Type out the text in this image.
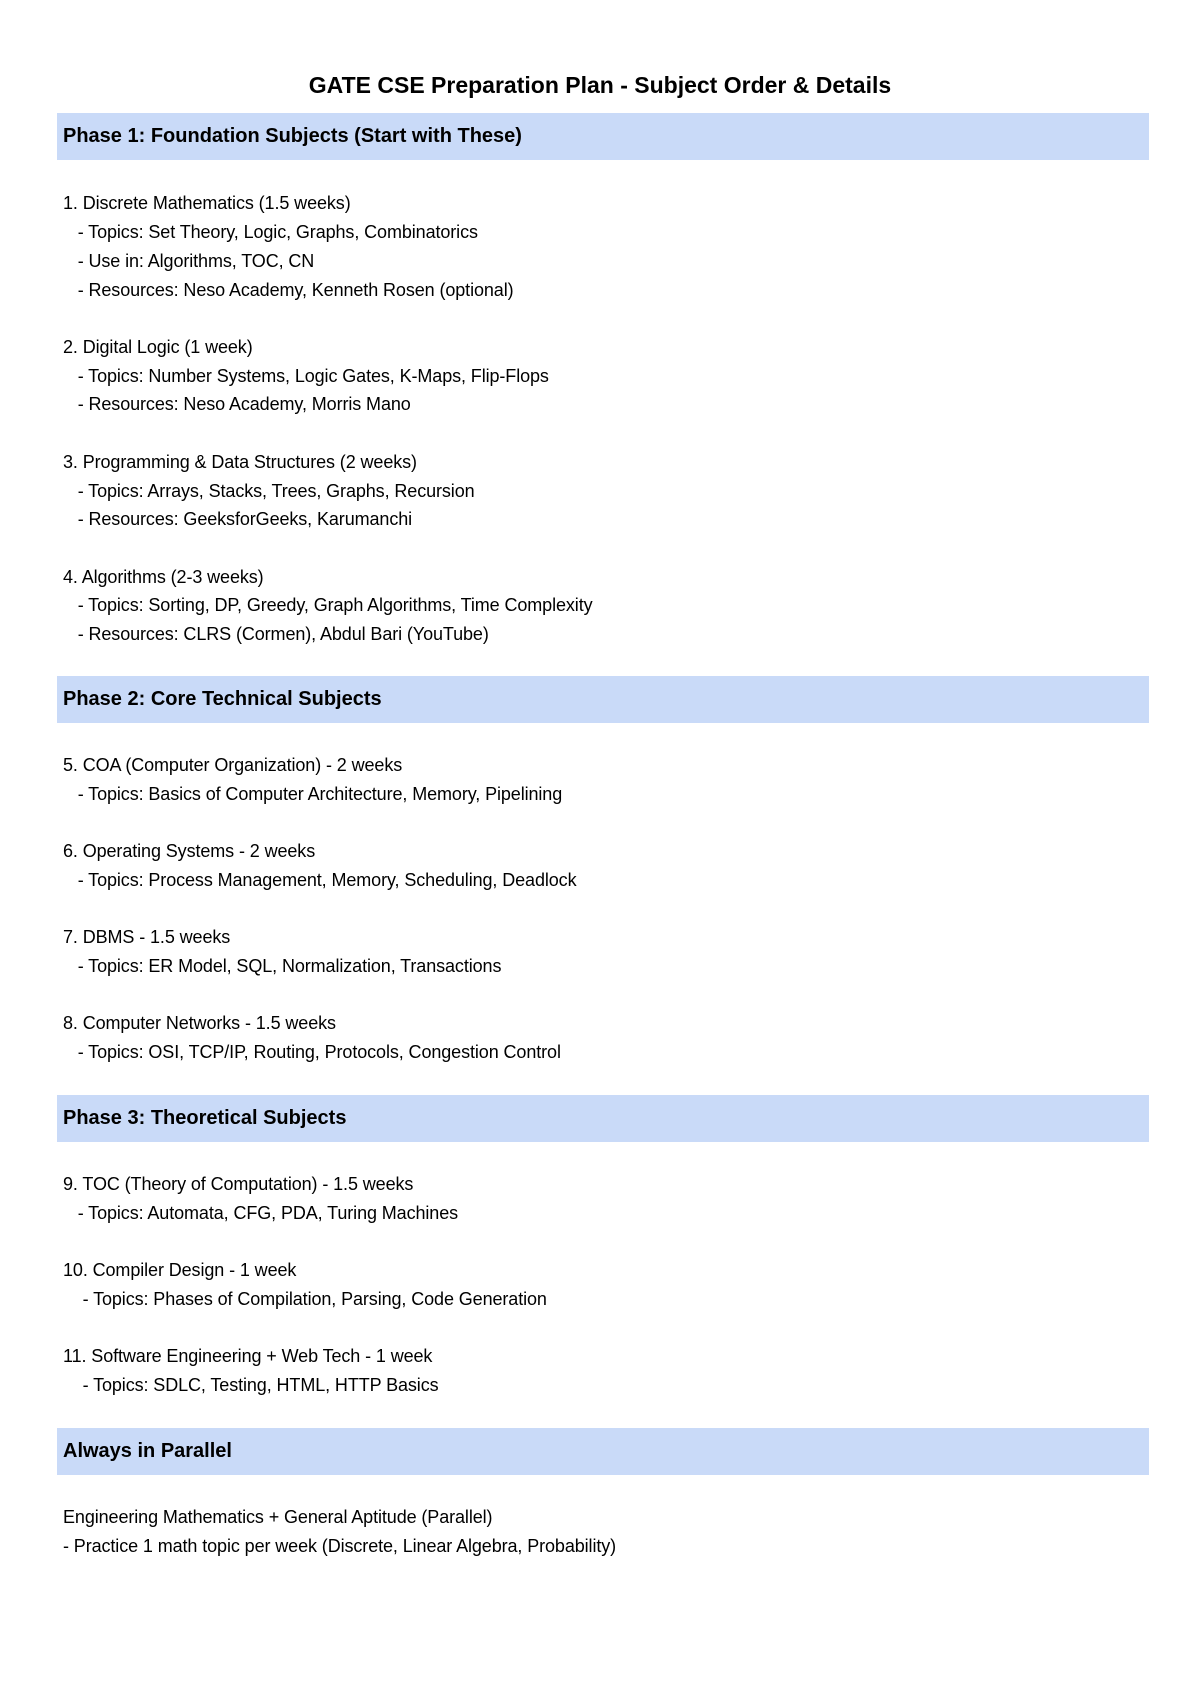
GATE CSE Preparation Plan - Subject Order & Details
Phase 1: Foundation Subjects (Start with These)
1. Discrete Mathematics (1.5 weeks)
- Topics: Set Theory, Logic, Graphs, Combinatorics
- Use in: Algorithms, TOC, CN
- Resources: Neso Academy, Kenneth Rosen (optional)
2. Digital Logic (1 week)
- Topics: Number Systems, Logic Gates, K-Maps, Flip-Flops
- Resources: Neso Academy, Morris Mano
3. Programming & Data Structures (2 weeks)
- Topics: Arrays, Stacks, Trees, Graphs, Recursion
- Resources: GeeksforGeeks, Karumanchi
4. Algorithms (2-3 weeks)
- Topics: Sorting, DP, Greedy, Graph Algorithms, Time Complexity
- Resources: CLRS (Cormen), Abdul Bari (YouTube)
Phase 2: Core Technical Subjects
5. COA (Computer Organization) - 2 weeks
- Topics: Basics of Computer Architecture, Memory, Pipelining
6. Operating Systems - 2 weeks
- Topics: Process Management, Memory, Scheduling, Deadlock
7. DBMS - 1.5 weeks
- Topics: ER Model, SQL, Normalization, Transactions
8. Computer Networks - 1.5 weeks
- Topics: OSI, TCP/IP, Routing, Protocols, Congestion Control
Phase 3: Theoretical Subjects
9. TOC (Theory of Computation) - 1.5 weeks
- Topics: Automata, CFG, PDA, Turing Machines
10. Compiler Design - 1 week
- Topics: Phases of Compilation, Parsing, Code Generation
11. Software Engineering + Web Tech - 1 week
- Topics: SDLC, Testing, HTML, HTTP Basics
Always in Parallel
Engineering Mathematics + General Aptitude (Parallel)
- Practice 1 math topic per week (Discrete, Linear Algebra, Probability)
